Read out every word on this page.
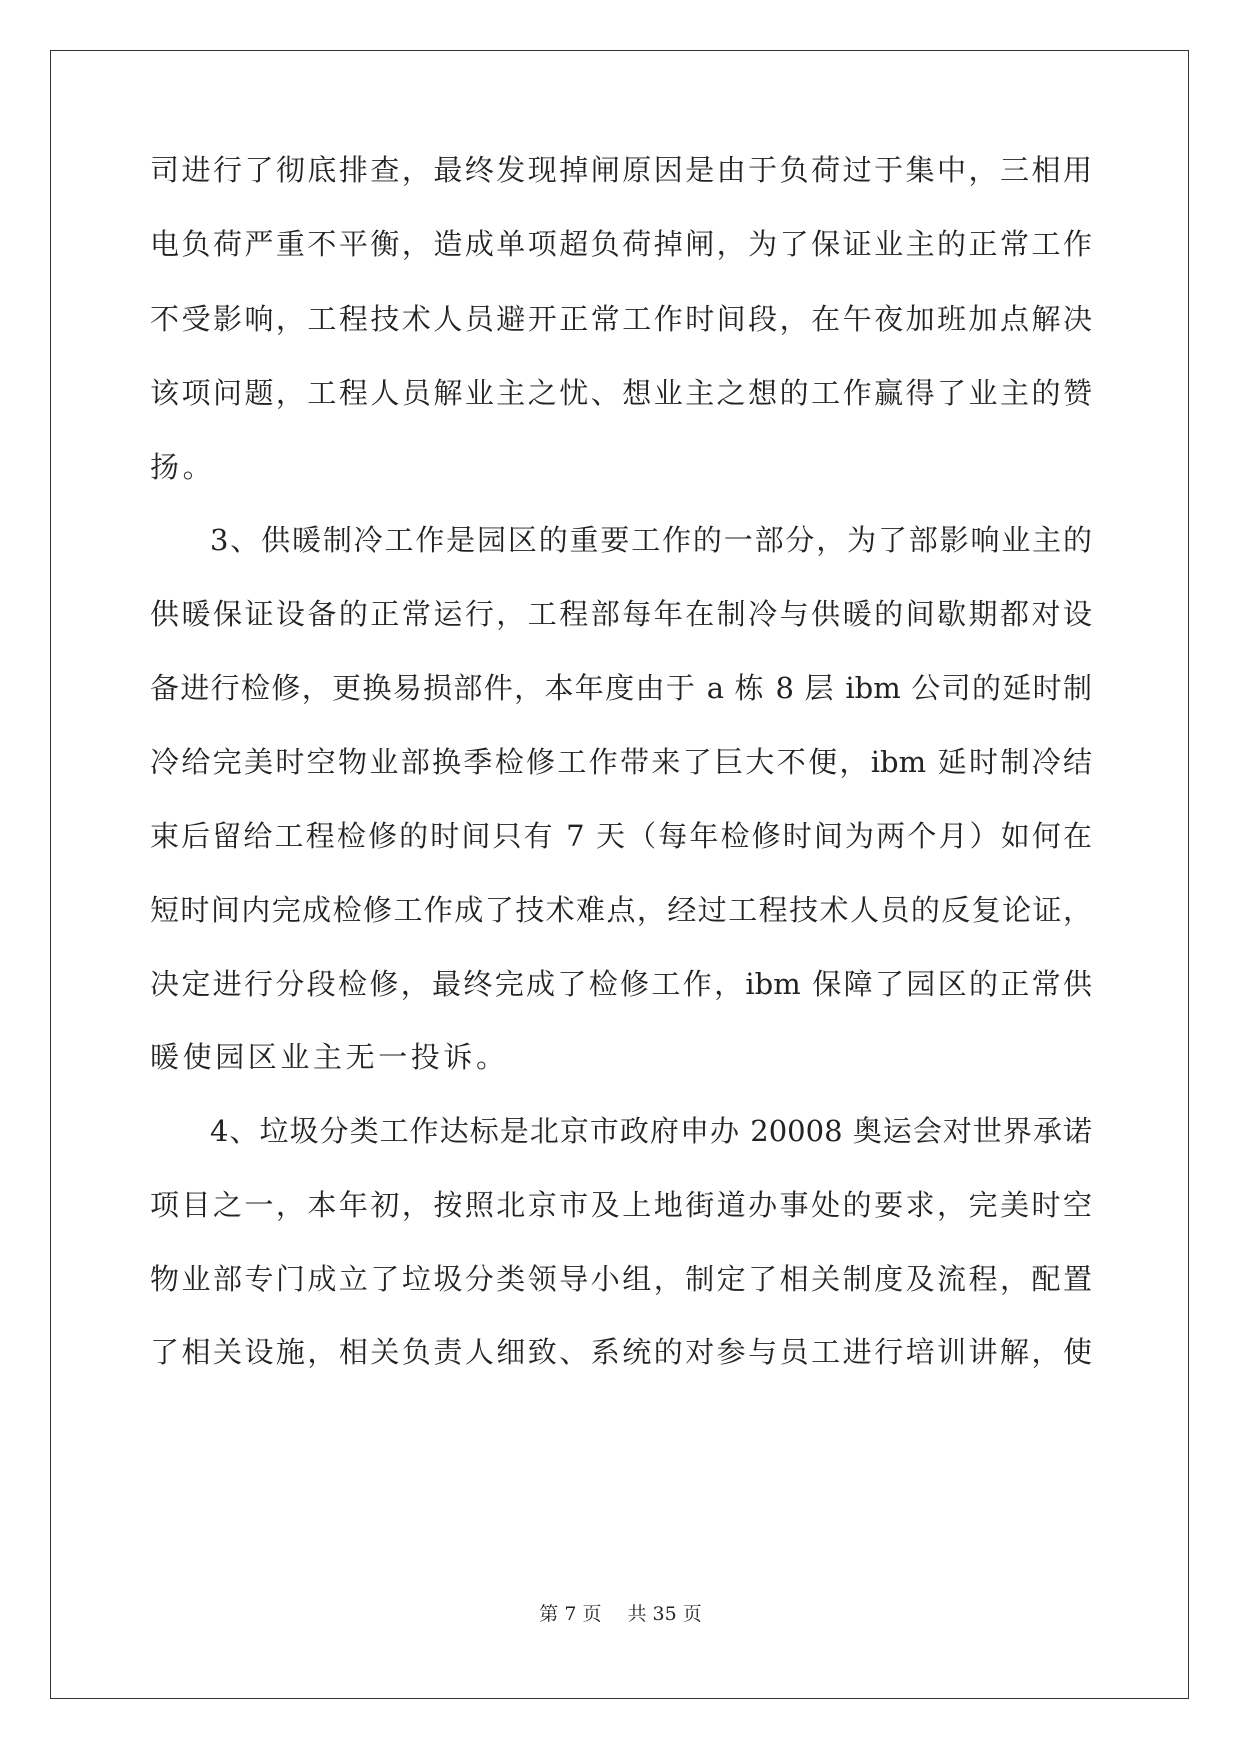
司进行了彻底排查，最终发现掉闸原因是由于负荷过于集中，三相用
电负荷严重不平衡，造成单项超负荷掉闸，为了保证业主的正常工作
不受影响，工程技术人员避开正常工作时间段，在午夜加班加点解决
该项问题，工程人员解业主之忧、想业主之想的工作赢得了业主的赞
扬。
3、供暖制冷工作是园区的重要工作的一部分，为了部影响业主的
供暖保证设备的正常运行，工程部每年在制冷与供暖的间歇期都对设
备进行检修，更换易损部件，本年度由于 a 栋 8 层 ibm 公司的延时制
冷给完美时空物业部换季检修工作带来了巨大不便，ibm 延时制冷结
束后留给工程检修的时间只有 7 天（每年检修时间为两个月）如何在
短时间内完成检修工作成了技术难点，经过工程技术人员的反复论证，
决定进行分段检修，最终完成了检修工作，ibm 保障了园区的正常供
暖使园区业主无一投诉。
4、垃圾分类工作达标是北京市政府申办 20008 奥运会对世界承诺
项目之一，本年初，按照北京市及上地街道办事处的要求，完美时空
物业部专门成立了垃圾分类领导小组，制定了相关制度及流程，配置
了相关设施，相关负责人细致、系统的对参与员工进行培训讲解，使
第 7 页 共 35 页
